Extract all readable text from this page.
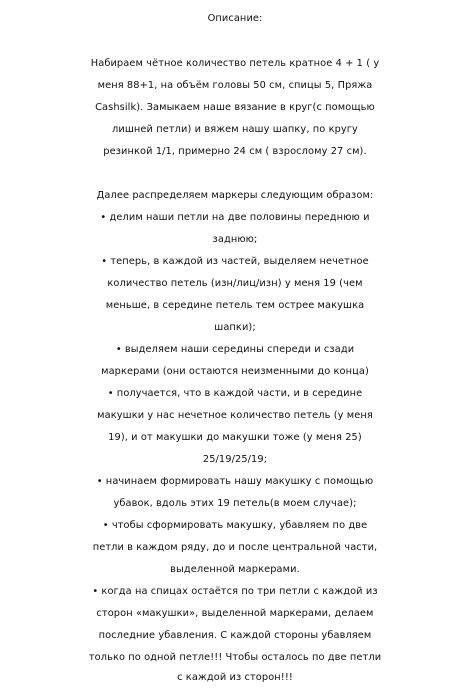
Описание:
Набираем чётное количество петель кратное 4 + 1 ( у
меня 88+1, на объём головы 50 см, спицы 5, Пряжа
Cashsilk). Замыкаем наше вязание в круг(с помощью
лишней петли) и вяжем нашу шапку, по кругу
резинкой 1/1, примерно 24 см ( взрослому 27 см).
Далее распределяем маркеры следующим образом:
• делим наши петли на две половины переднюю и
заднюю;
• теперь, в каждой из частей, выделяем нечетное
количество петель (изн/лиц/изн) у меня 19 (чем
меньше, в середине петель тем острее макушка
шапки);
• выделяем наши середины спереди и сзади
маркерами (они остаются неизменными до конца)
• получается, что в каждой части, и в середине
макушки у нас нечетное количество петель (у меня
19), и от макушки до макушки тоже (у меня 25)
25/19/25/19;
• начинаем формировать нашу макушку с помощью
убавок, вдоль этих 19 петель(в моем случае);
• чтобы сформировать макушку, убавляем по две
петли в каждом ряду, до и после центральной части,
выделенной маркерами.
• когда на спицах остаётся по три петли с каждой из
сторон «макушки», выделенной маркерами, делаем
последние убавления. С каждой стороны убавляем
только по одной петле!!! Чтобы осталось по две петли
с каждой из сторон!!!
